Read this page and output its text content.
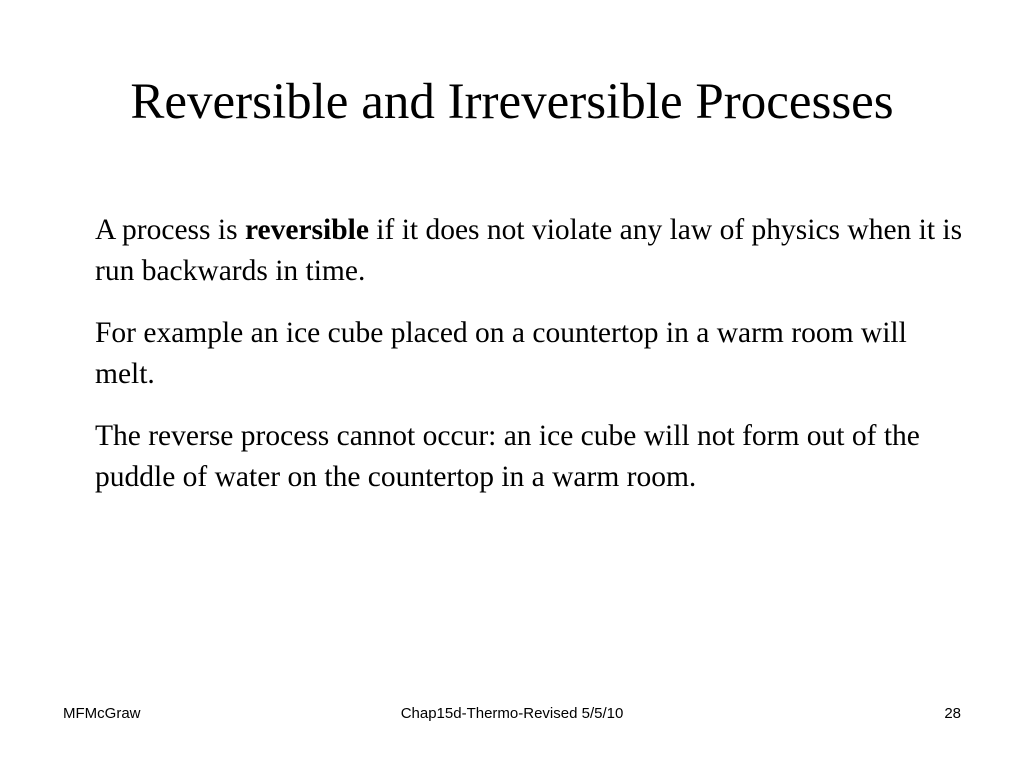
Reversible and Irreversible Processes

A process is reversible if it does not violate any law of physics when it is run backwards in time.

For example an ice cube placed on a countertop in a warm room will melt.

The reverse process cannot occur: an ice cube will not form out of the puddle of water on the countertop in a warm room.

MFMcGraw	Chap15d-Thermo-Revised 5/5/10	28
